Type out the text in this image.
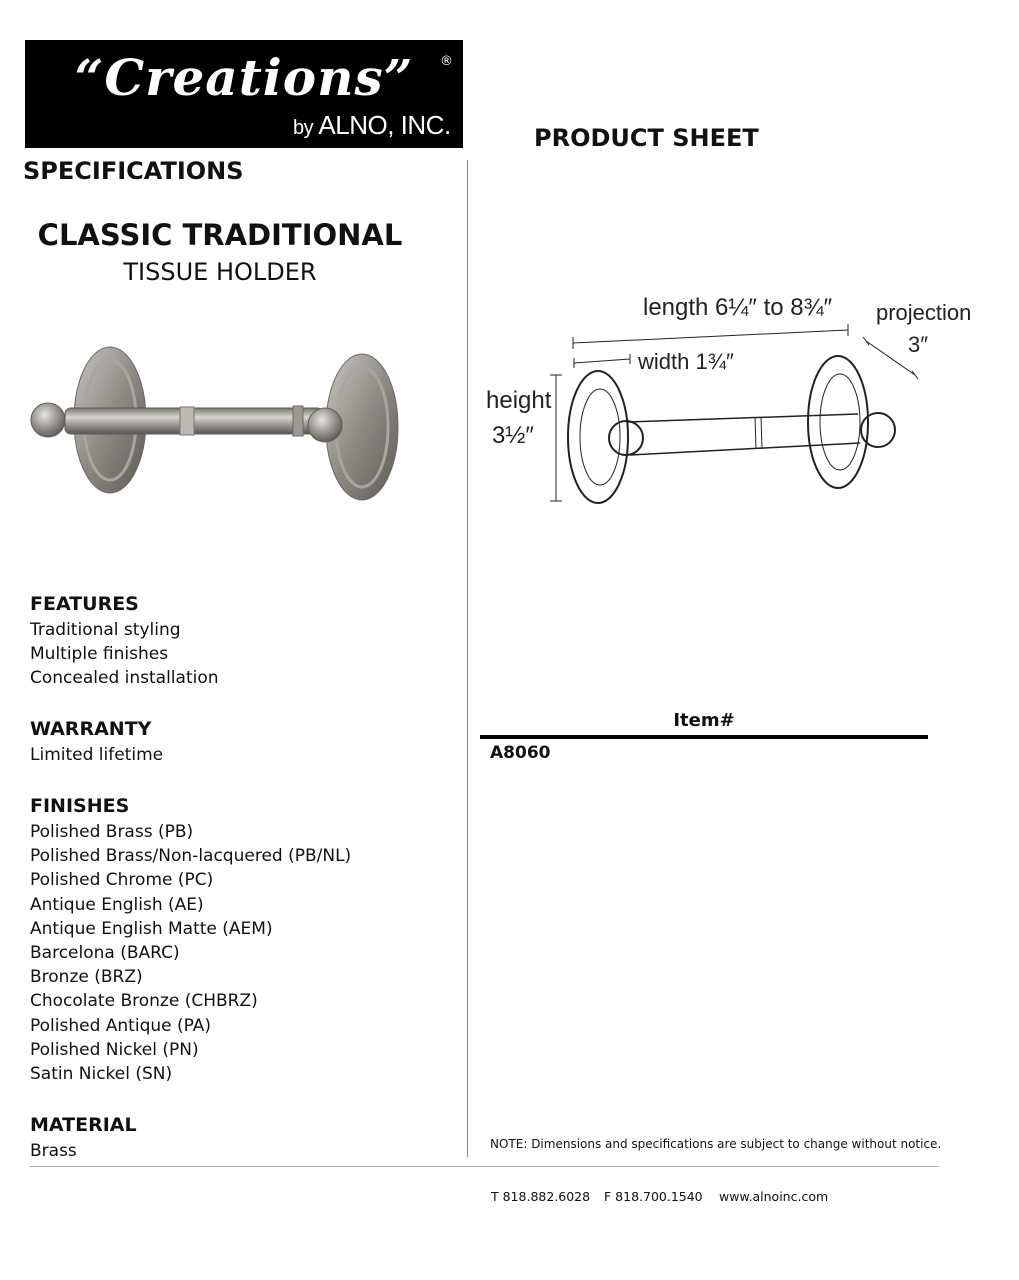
“Creations”	®
by ALNO, INC.	PRODUCT SHEET
SPECIFICATIONS
CLASSIC TRADITIONAL
TISSUE HOLDER
length 6¼″ to 8¾″ projection
3″
width 1¾″
height
3½″
FEATURES
Traditional styling
Multiple finishes
Concealed installation
WARRANTY
Limited lifetime
FINISHES
Polished Brass (PB)
Polished Brass/Non-lacquered (PB/NL)
Polished Chrome (PC)
Antique English (AE)
Antique English Matte (AEM)
Barcelona (BARC)
Bronze (BRZ)
Chocolate Bronze (CHBRZ)
Polished Antique (PA)
Polished Nickel (PN)
Satin Nickel (SN)
MATERIAL
Brass
Item#
A8060
NOTE: Dimensions and specifications are subject to change without notice.
T 818.882.6028 F 818.700.1540 www.alnoinc.com
